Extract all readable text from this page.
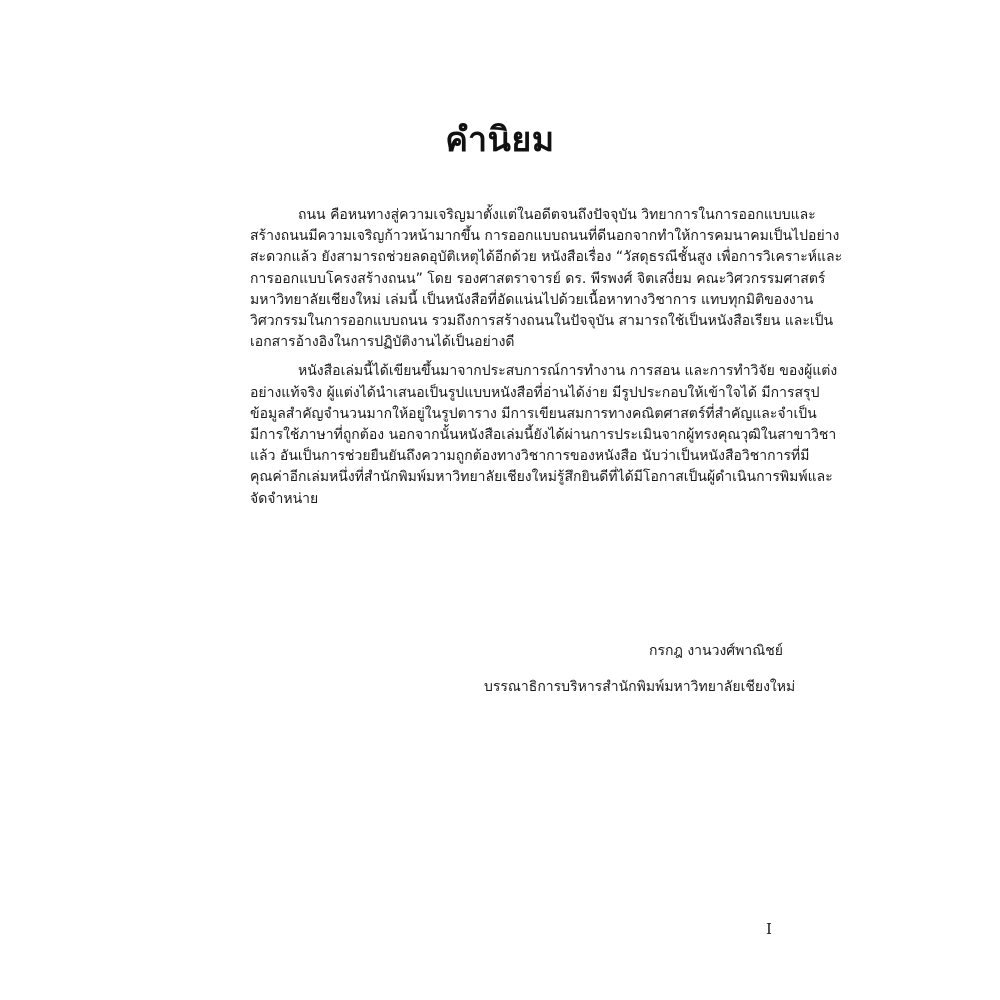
คำนิยม

ถนน คือหนทางสู่ความเจริญมาตั้งแต่ในอดีตจนถึงปัจจุบัน วิทยาการในการออกแบบและ
สร้างถนนมีความเจริญก้าวหน้ามากขึ้น การออกแบบถนนที่ดีนอกจากทำให้การคมนาคมเป็นไปอย่าง
สะดวกแล้ว ยังสามารถช่วยลดอุบัติเหตุได้อีกด้วย หนังสือเรื่อง “วัสดุธรณีชั้นสูง เพื่อการวิเคราะห์และ
การออกแบบโครงสร้างถนน” โดย รองศาสตราจารย์ ดร. พีรพงศ์ จิตเสงี่ยม คณะวิศวกรรมศาสตร์
มหาวิทยาลัยเชียงใหม่ เล่มนี้ เป็นหนังสือที่อัดแน่นไปด้วยเนื้อหาทางวิชาการ แทบทุกมิติของงาน
วิศวกรรมในการออกแบบถนน รวมถึงการสร้างถนนในปัจจุบัน สามารถใช้เป็นหนังสือเรียน และเป็น
เอกสารอ้างอิงในการปฏิบัติงานได้เป็นอย่างดี

หนังสือเล่มนี้ได้เขียนขึ้นมาจากประสบการณ์การทำงาน การสอน และการทำวิจัย ของผู้แต่ง
อย่างแท้จริง ผู้แต่งได้นำเสนอเป็นรูปแบบหนังสือที่อ่านได้ง่าย มีรูปประกอบให้เข้าใจได้ มีการสรุป
ข้อมูลสำคัญจำนวนมากให้อยู่ในรูปตาราง มีการเขียนสมการทางคณิตศาสตร์ที่สำคัญและจำเป็น
มีการใช้ภาษาที่ถูกต้อง นอกจากนั้นหนังสือเล่มนี้ยังได้ผ่านการประเมินจากผู้ทรงคุณวุฒิในสาขาวิชา
แล้ว อันเป็นการช่วยยืนยันถึงความถูกต้องทางวิชาการของหนังสือ นับว่าเป็นหนังสือวิชาการที่มี
คุณค่าอีกเล่มหนึ่งที่สำนักพิมพ์มหาวิทยาลัยเชียงใหม่รู้สึกยินดีที่ได้มีโอกาสเป็นผู้ดำเนินการพิมพ์และ
จัดจำหน่าย

กรกฎ งานวงศ์พาณิชย์
บรรณาธิการบริหารสำนักพิมพ์มหาวิทยาลัยเชียงใหม่
I
